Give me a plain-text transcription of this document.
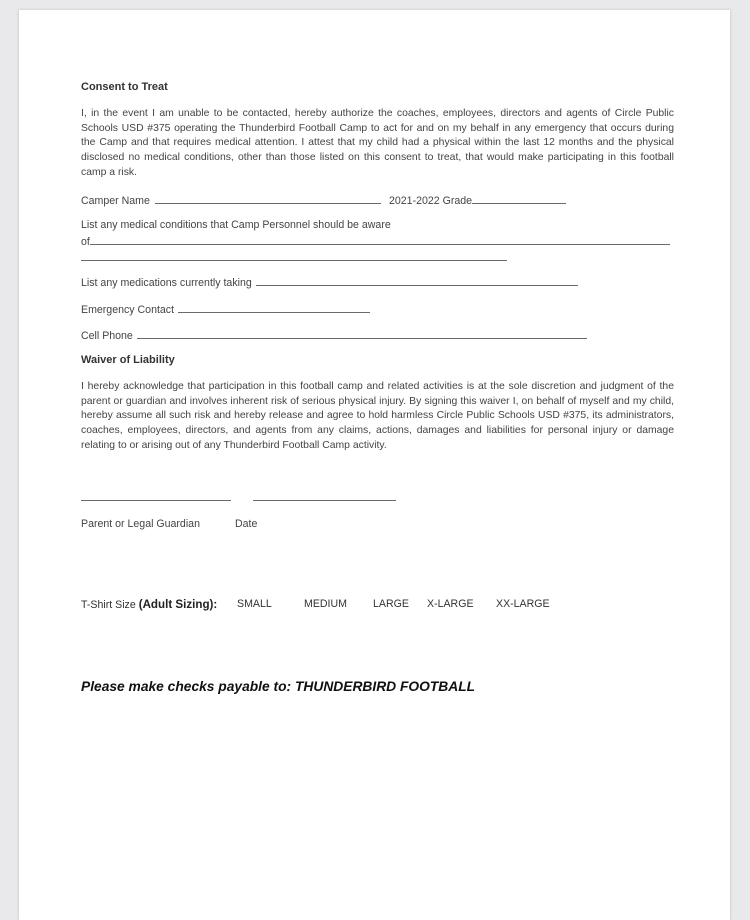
Consent to Treat
I, in the event I am unable to be contacted, hereby authorize the coaches, employees, directors and agents of Circle Public Schools USD #375 operating the Thunderbird Football Camp to act for and on my behalf in any emergency that occurs during the Camp and that requires medical attention. I attest that my child had a physical within the last 12 months and the physical disclosed no medical conditions, other than those listed on this consent to treat, that would make participating in this football camp a risk.
Camper Name	2021-2022 Grade
List any medical conditions that Camp Personnel should be aware
of
List any medications currently taking
Emergency Contact
Cell Phone
Waiver of Liability
I hereby acknowledge that participation in this football camp and related activities is at the sole discretion and judgment of the parent or guardian and involves inherent risk of serious physical injury. By signing this waiver I, on behalf of myself and my child, hereby assume all such risk and hereby release and agree to hold harmless Circle Public Schools USD #375, its administrators, coaches, employees, directors, and agents from any claims, actions, damages and liabilities for personal injury or damage relating to or arising out of any Thunderbird Football Camp activity.
Parent or Legal Guardian	Date
T-Shirt Size (Adult Sizing): SMALL	MEDIUM LARGE X-LARGE XX-LARGE
Please make checks payable to: THUNDERBIRD FOOTBALL
